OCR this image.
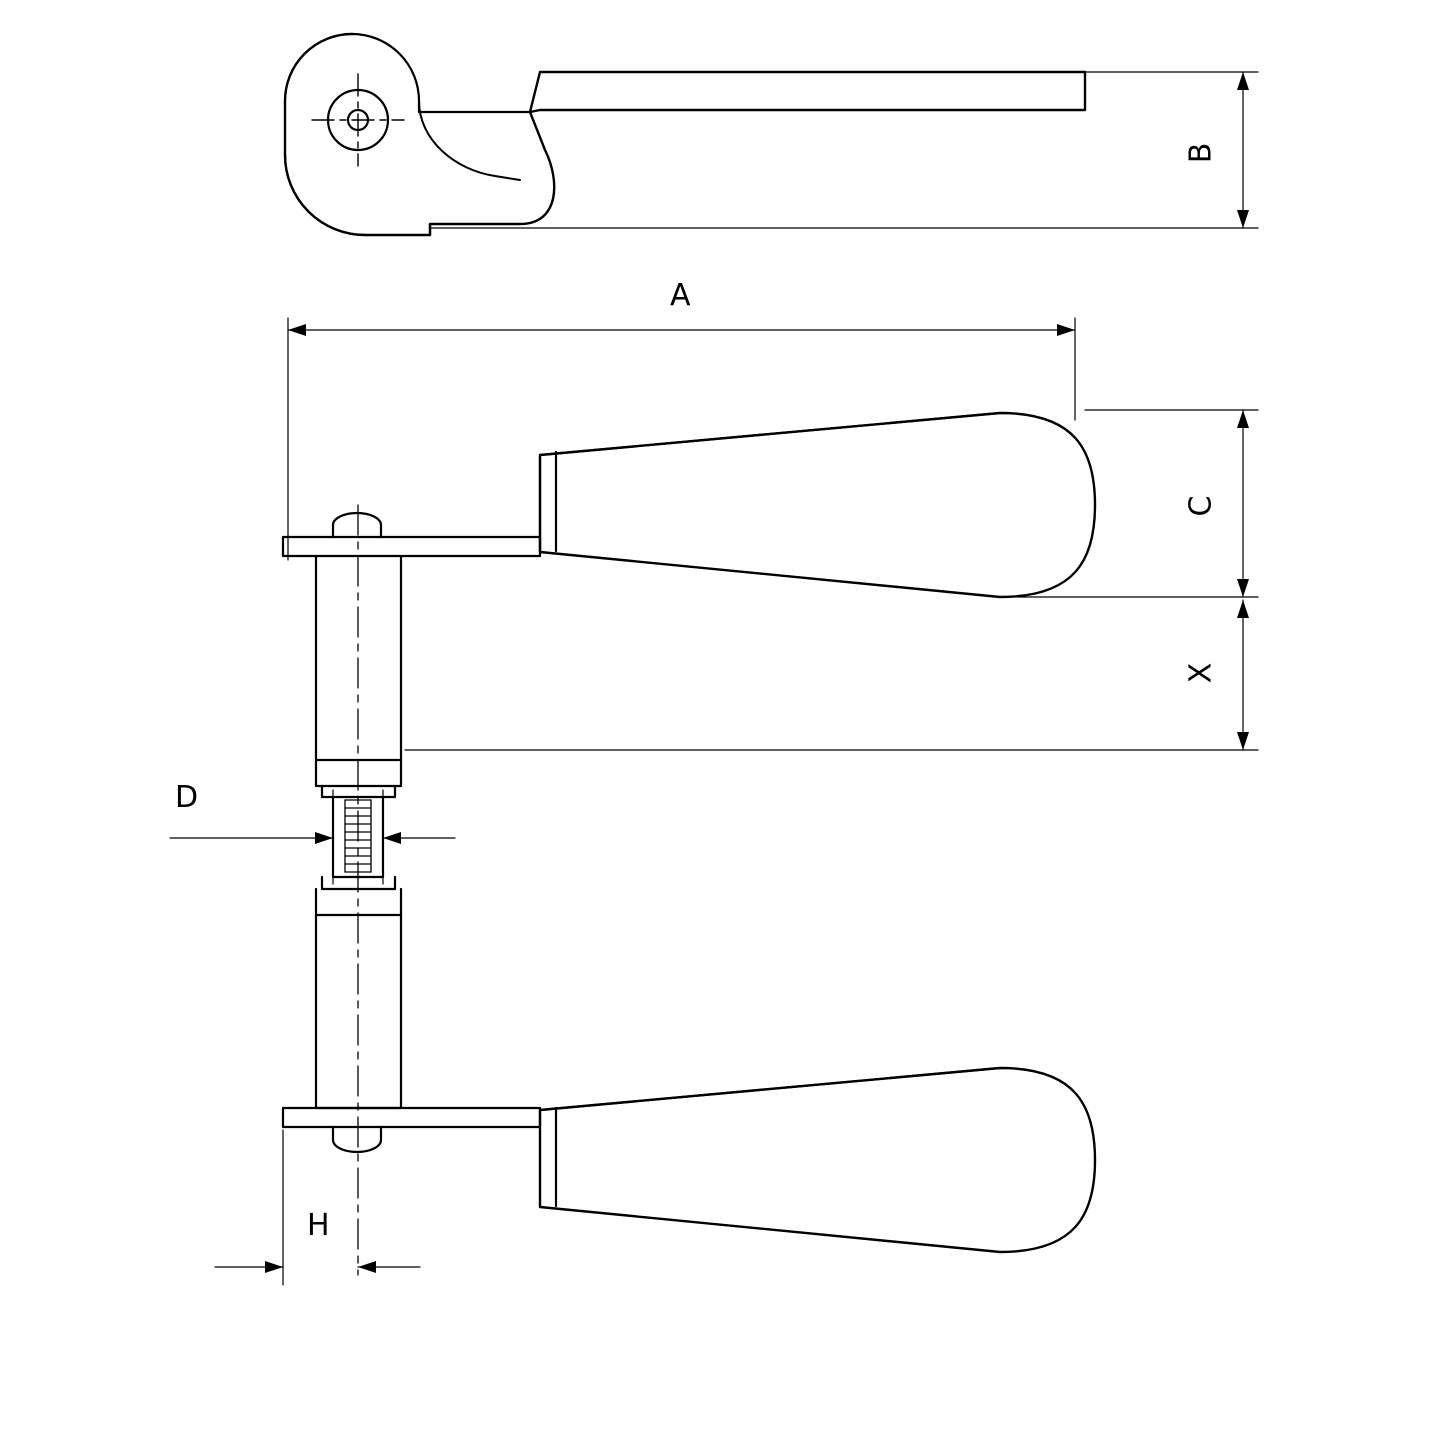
B
A
C
X
D
H
